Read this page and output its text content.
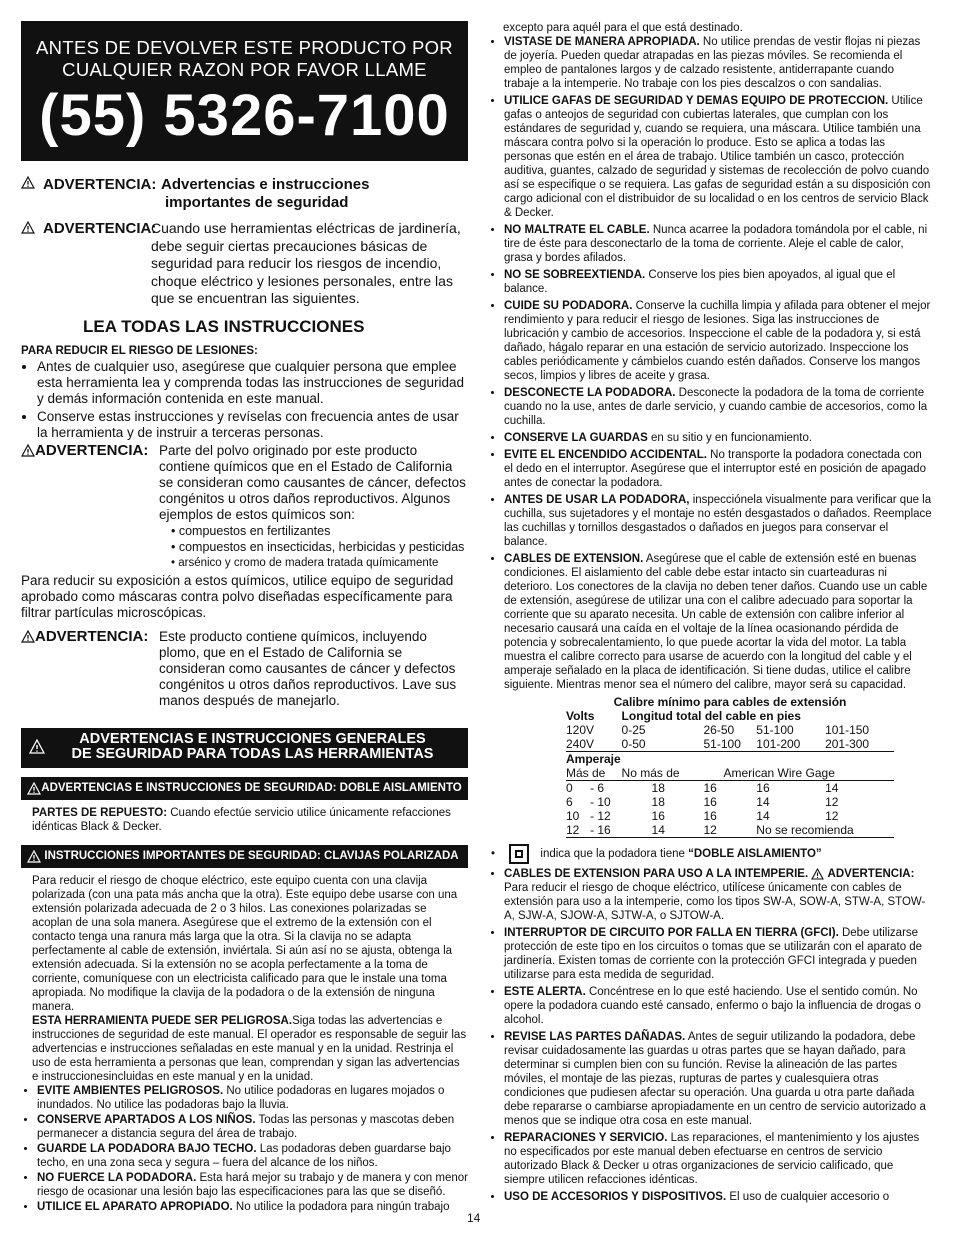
ANTES DE DEVOLVER ESTE PRODUCTO POR
CUALQUIER RAZON POR FAVOR LLAME
(55) 5326-7100
ADVERTENCIA: Advertencias e instrucciones
importantes de seguridad
ADVERTENCIA:
Cuando use herramientas eléctricas de jardinería, debe seguir ciertas precauciones básicas de seguridad para reducir los riesgos de incendio, choque eléctrico y lesiones personales, entre las que se encuentran las siguientes.
LEA TODAS LAS INSTRUCCIONES
PARA REDUCIR EL RIESGO DE LESIONES:
• Antes de cualquier uso, asegúrese que cualquier persona que emplee esta herramienta lea y comprenda todas las instrucciones de seguridad y demás información contenida en este manual.
• Conserve estas instrucciones y revíselas con frecuencia antes de usar la herramienta y de instruir a terceras personas.
ADVERTENCIA: Parte del polvo originado por este producto contiene químicos que en el Estado de California se consideran como causantes de cáncer, defectos congénitos u otros daños reproductivos. Algunos ejemplos de estos químicos son:
• compuestos en fertilizantes
• compuestos en insecticidas, herbicidas y pesticidas
• arsénico y cromo de madera tratada químicamente
Para reducir su exposición a estos químicos, utilice equipo de seguridad aprobado como máscaras contra polvo diseñadas específicamente para filtrar partículas microscópicas.
ADVERTENCIA: Este producto contiene químicos, incluyendo plomo, que en el Estado de California se consideran como causantes de cáncer y defectos congénitos u otros daños reproductivos. Lave sus manos después de manejarlo.
ADVERTENCIAS E INSTRUCCIONES GENERALES
DE SEGURIDAD PARA TODAS LAS HERRAMIENTAS
ADVERTENCIAS E INSTRUCCIONES DE SEGURIDAD: DOBLE AISLAMIENTO
PARTES DE REPUESTO: Cuando efectúe servicio utilice únicamente refacciones idénticas Black & Decker.
INSTRUCCIONES IMPORTANTES DE SEGURIDAD: CLAVIJAS POLARIZADA
Para reducir el riesgo de choque eléctrico, este equipo cuenta con una clavija polarizada (con una pata más ancha que la otra). Este equipo debe usarse con una extensión polarizada adecuada de 2 o 3 hilos. Las conexiones polarizadas se acoplan de una sola manera. Asegúrese que el extremo de la extensión con el contacto tenga una ranura más larga que la otra. Si la clavija no se adapta perfectamente al cable de extensión, inviértala. Si aún así no se ajusta, obtenga la extensión adecuada. Si la extensión no se acopla perfectamente a la toma de corriente, comuníquese con un electricista calificado para que le instale una toma apropiada. No modifique la clavija de la podadora o de la extensión de ninguna manera.
ESTA HERRAMIENTA PUEDE SER PELIGROSA.Siga todas las advertencias e instrucciones de seguridad de este manual. El operador es responsable de seguir las advertencias e instrucciones señaladas en este manual y en la unidad. Restrinja el uso de esta herramienta a personas que lean, comprendan y sigan las advertencias e instruccionesincluidas en este manual y en la unidad.
• EVITE AMBIENTES PELIGROSOS. No utilice podadoras en lugares mojados o inundados. No utilice las podadoras bajo la lluvia.
• CONSERVE APARTADOS A LOS NIÑOS. Todas las personas y mascotas deben permanecer a distancia segura del área de trabajo.
• GUARDE LA PODADORA BAJO TECHO. Las podadoras deben guardarse bajo techo, en una zona seca y segura – fuera del alcance de los niños.
• NO FUERCE LA PODADORA. Esta hará mejor su trabajo y de manera y con menor riesgo de ocasionar una lesión bajo las especificaciones para las que se diseñó.
• UTILICE EL APARATO APROPIADO. No utilice la podadora para ningún trabajo
excepto para aquél para el que está destinado.
• VISTASE DE MANERA APROPIADA. No utilice prendas de vestir flojas ni piezas de joyería. Pueden quedar atrapadas en las piezas móviles. Se recomienda el empleo de pantalones largos y de calzado resistente, antiderrapante cuando trabaje a la intemperie. No trabaje con los pies descalzos o con sandalias.
• UTILICE GAFAS DE SEGURIDAD Y DEMAS EQUIPO DE PROTECCION. Utilice gafas o anteojos de seguridad con cubiertas laterales, que cumplan con los estándares de seguridad y, cuando se requiera, una máscara. Utilice también una máscara contra polvo si la operación lo produce. Esto se aplica a todas las personas que estén en el área de trabajo. Utilice también un casco, protección auditiva, guantes, calzado de seguridad y sistemas de recolección de polvo cuando así se especifique o se requiera. Las gafas de seguridad están a su disposición con cargo adicional con el distribuidor de su localidad o en los centros de servicio Black & Decker.
• NO MALTRATE EL CABLE. Nunca acarree la podadora tomándola por el cable, ni tire de éste para desconectarlo de la toma de corriente. Aleje el cable de calor, grasa y bordes afilados.
• NO SE SOBREEXTIENDA. Conserve los pies bien apoyados, al igual que el balance.
• CUIDE SU PODADORA. Conserve la cuchilla limpia y afilada para obtener el mejor rendimiento y para reducir el riesgo de lesiones. Siga las instrucciones de lubricación y cambio de accesorios. Inspeccione el cable de la podadora y, si está dañado, hágalo reparar en una estación de servicio autorizado. Inspeccione los cables periódicamente y cámbielos cuando estén dañados. Conserve los mangos secos, limpios y libres de aceite y grasa.
• DESCONECTE LA PODADORA. Desconecte la podadora de la toma de corriente cuando no la use, antes de darle servicio, y cuando cambie de accesorios, como la cuchilla.
• CONSERVE LA GUARDAS en su sitio y en funcionamiento.
• EVITE EL ENCENDIDO ACCIDENTAL. No transporte la podadora conectada con el dedo en el interruptor. Asegúrese que el interruptor esté en posición de apagado antes de conectar la podadora.
• ANTES DE USAR LA PODADORA, inspecciónela visualmente para verificar que la cuchilla, sus sujetadores y el montaje no estén desgastados o dañados. Reemplace las cuchillas y tornillos desgastados o dañados en juegos para conservar el balance.
• CABLES DE EXTENSION. Asegúrese que el cable de extensión esté en buenas condiciones. El aislamiento del cable debe estar intacto sin cuarteaduras ni deterioro. Los conectores de la clavija no deben tener daños. Cuando use un cable de extensión, asegúrese de utilizar una con el calibre adecuado para soportar la corriente que su aparato necesita. Un cable de extensión con calibre inferior al necesario causará una caída en el voltaje de la línea ocasionando pérdida de potencia y sobrecalentamiento, lo que puede acortar la vida del motor. La tabla muestra el calibre correcto para usarse de acuerdo con la longitud del cable y el amperaje señalado en la placa de identificación. Si tiene dudas, utilice el calibre siguiente. Mientras menor sea el número del calibre, mayor será su capacidad.
Calibre mínimo para cables de extensión						
Volts			Longitud total del cable en pies			
120V			0-25	26-50	51-100	101-150
240V			0-50	51-100	101-200	201-300
Amperaje						
Más de			No más de	American Wire Gage		
0	-	6	18	16	16	14
6	-	10	18	16	14	12
10	-	12	16	16	14	12
12	-	16	14	12	No se recomienda	
•	indica que la podadora tiene “DOBLE AISLAMIENTO”
• CABLES DE EXTENSION PARA USO A LA INTEMPERIE. ADVERTENCIA: Para reducir el riesgo de choque eléctrico, utilícese únicamente con cables de extensión para uso a la intemperie, como los tipos SW-A, SOW-A, STW-A, STOW-A, SJW-A, SJOW-A, SJTW-A, o SJTOW-A.
• INTERRUPTOR DE CIRCUITO POR FALLA EN TIERRA (GFCI). Debe utilizarse protección de este tipo en los circuitos o tomas que se utilizarán con el aparato de jardinería. Existen tomas de corriente con la protección GFCI integrada y pueden utilizarse para esta medida de seguridad.
• ESTE ALERTA. Concéntrese en lo que esté haciendo. Use el sentido común. No opere la podadora cuando esté cansado, enfermo o bajo la influencia de drogas o alcohol.
• REVISE LAS PARTES DAÑADAS. Antes de seguir utilizando la podadora, debe revisar cuidadosamente las guardas u otras partes que se hayan dañado, para determinar si cumplen bien con su función. Revise la alineación de las partes móviles, el montaje de las piezas, rupturas de partes y cualesquiera otras condiciones que pudiesen afectar su operación. Una guarda u otra parte dañada debe repararse o cambiarse apropiadamente en un centro de servicio autorizado a menos que se indique otra cosa en este manual.
• REPARACIONES Y SERVICIO. Las reparaciones, el mantenimiento y los ajustes no especificados por este manual deben efectuarse en centros de servicio autorizado Black & Decker u otras organizaciones de servicio calificado, que siempre utilicen refacciones idénticas.
• USO DE ACCESORIOS Y DISPOSITIVOS. El uso de cualquier accesorio o
14
